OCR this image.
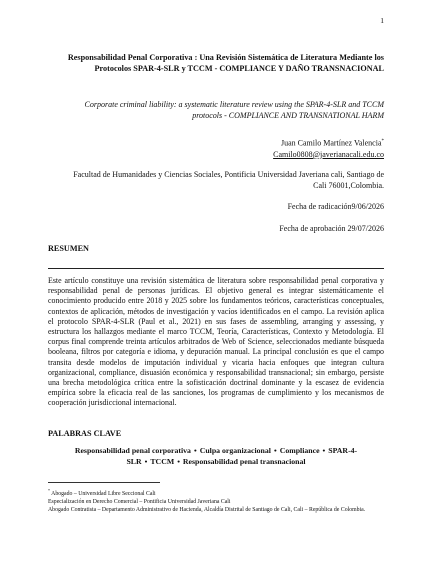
1
Responsabilidad Penal Corporativa : Una Revisión Sistemática de Literatura Mediante los Protocolos SPAR-4-SLR y TCCM - COMPLIANCE Y DAÑO TRANSNACIONAL
Corporate criminal liability: a systematic literature review using the SPAR-4-SLR and TCCM protocols - COMPLIANCE AND TRANSNATIONAL HARM
Juan Camilo Martínez Valencia*
Camilo0808@javerianacali.edu.co
Facultad de Humanidades y Ciencias Sociales, Pontificia Universidad Javeriana cali, Santiago de Cali 76001,Colombia.
Fecha de radicación9/06/2026
Fecha de aprobación 29/07/2026
RESUMEN

Este artículo constituye una revisión sistemática de literatura sobre responsabilidad penal corporativa y responsabilidad penal de personas jurídicas. El objetivo general es integrar sistemáticamente el conocimiento producido entre 2018 y 2025 sobre los fundamentos teóricos, características conceptuales, contextos de aplicación, métodos de investigación y vacíos identificados en el campo. La revisión aplica el protocolo SPAR-4-SLR (Paul et al., 2021) en sus fases de assembling, arranging y assessing, y estructura los hallazgos mediante el marco TCCM, Teoría, Características, Contexto y Metodología. El corpus final comprende treinta artículos arbitrados de Web of Science, seleccionados mediante búsqueda booleana, filtros por categoría e idioma, y depuración manual. La principal conclusión es que el campo transita desde modelos de imputación individual y vicaria hacia enfoques que integran cultura organizacional, compliance, disuasión económica y responsabilidad transnacional; sin embargo, persiste una brecha metodológica crítica entre la sofisticación doctrinal dominante y la escasez de evidencia empírica sobre la eficacia real de las sanciones, los programas de cumplimiento y los mecanismos de cooperación jurisdiccional internacional.

PALABRAS CLAVE
Responsabilidad penal corporativa • Culpa organizacional • Compliance • SPAR-4-SLR • TCCM • Responsabilidad penal transnacional
* Abogado – Universidad Libre Seccional Cali
Especialización en Derecho Comercial – Pontificia Universidad Javeriana Cali
Abogado Contratista – Departamento Administrativo de Hacienda, Alcaldía Distrital de Santiago de Cali, Cali – República de Colombia.
